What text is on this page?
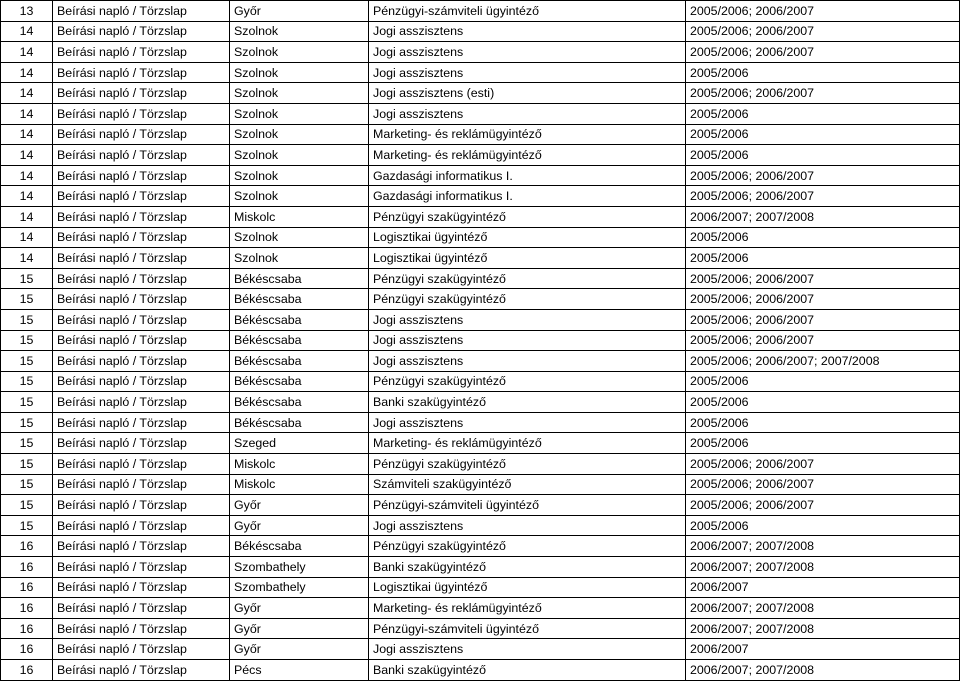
13	Beírási napló / Törzslap	Győr	Pénzügyi-számviteli ügyintéző	2005/2006; 2006/2007
14	Beírási napló / Törzslap	Szolnok	Jogi asszisztens	2005/2006; 2006/2007
14	Beírási napló / Törzslap	Szolnok	Jogi asszisztens	2005/2006; 2006/2007
14	Beírási napló / Törzslap	Szolnok	Jogi asszisztens	2005/2006
14	Beírási napló / Törzslap	Szolnok	Jogi asszisztens (esti)	2005/2006; 2006/2007
14	Beírási napló / Törzslap	Szolnok	Jogi asszisztens	2005/2006
14	Beírási napló / Törzslap	Szolnok	Marketing- és reklámügyintéző	2005/2006
14	Beírási napló / Törzslap	Szolnok	Marketing- és reklámügyintéző	2005/2006
14	Beírási napló / Törzslap	Szolnok	Gazdasági informatikus I.	2005/2006; 2006/2007
14	Beírási napló / Törzslap	Szolnok	Gazdasági informatikus I.	2005/2006; 2006/2007
14	Beírási napló / Törzslap	Miskolc	Pénzügyi szakügyintéző	2006/2007; 2007/2008
14	Beírási napló / Törzslap	Szolnok	Logisztikai ügyintéző	2005/2006
14	Beírási napló / Törzslap	Szolnok	Logisztikai ügyintéző	2005/2006
15	Beírási napló / Törzslap	Békéscsaba	Pénzügyi szakügyintéző	2005/2006; 2006/2007
15	Beírási napló / Törzslap	Békéscsaba	Pénzügyi szakügyintéző	2005/2006; 2006/2007
15	Beírási napló / Törzslap	Békéscsaba	Jogi asszisztens	2005/2006; 2006/2007
15	Beírási napló / Törzslap	Békéscsaba	Jogi asszisztens	2005/2006; 2006/2007
15	Beírási napló / Törzslap	Békéscsaba	Jogi asszisztens	2005/2006; 2006/2007; 2007/2008
15	Beírási napló / Törzslap	Békéscsaba	Pénzügyi szakügyintéző	2005/2006
15	Beírási napló / Törzslap	Békéscsaba	Banki szakügyintéző	2005/2006
15	Beírási napló / Törzslap	Békéscsaba	Jogi asszisztens	2005/2006
15	Beírási napló / Törzslap	Szeged	Marketing- és reklámügyintéző	2005/2006
15	Beírási napló / Törzslap	Miskolc	Pénzügyi szakügyintéző	2005/2006; 2006/2007
15	Beírási napló / Törzslap	Miskolc	Számviteli szakügyintéző	2005/2006; 2006/2007
15	Beírási napló / Törzslap	Győr	Pénzügyi-számviteli ügyintéző	2005/2006; 2006/2007
15	Beírási napló / Törzslap	Győr	Jogi asszisztens	2005/2006
16	Beírási napló / Törzslap	Békéscsaba	Pénzügyi szakügyintéző	2006/2007; 2007/2008
16	Beírási napló / Törzslap	Szombathely	Banki szakügyintéző	2006/2007; 2007/2008
16	Beírási napló / Törzslap	Szombathely	Logisztikai ügyintéző	2006/2007
16	Beírási napló / Törzslap	Győr	Marketing- és reklámügyintéző	2006/2007; 2007/2008
16	Beírási napló / Törzslap	Győr	Pénzügyi-számviteli ügyintéző	2006/2007; 2007/2008
16	Beírási napló / Törzslap	Győr	Jogi asszisztens	2006/2007
16	Beírási napló / Törzslap	Pécs	Banki szakügyintéző	2006/2007; 2007/2008
